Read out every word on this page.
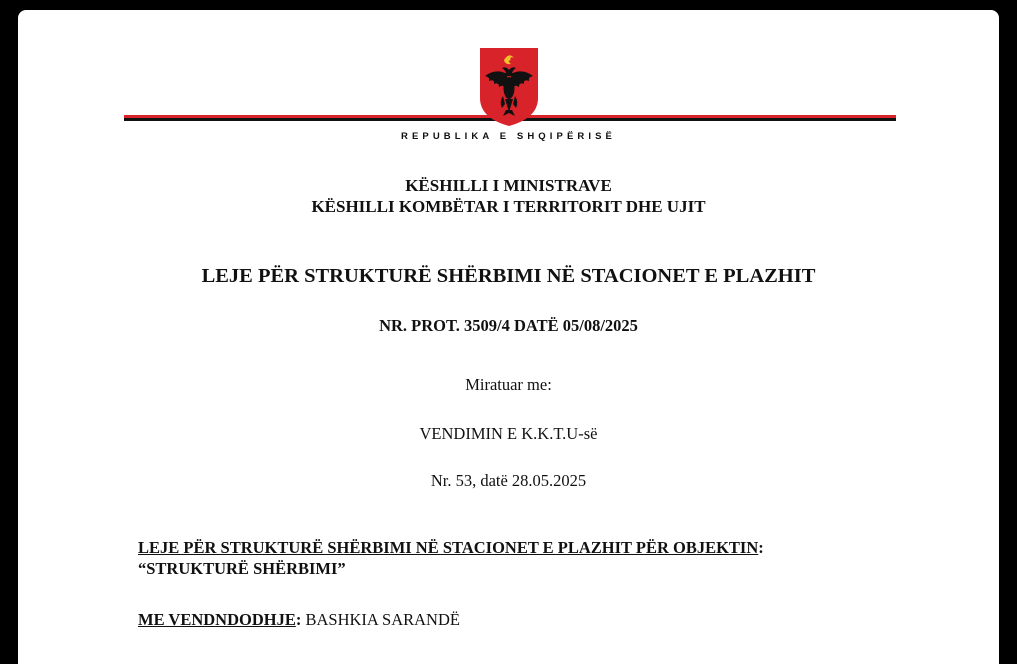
REPUBLIKA E SHQIPËRISË
KËSHILLI I MINISTRAVE
KËSHILLI KOMBËTAR I TERRITORIT DHE UJIT
LEJE PËR STRUKTURË SHËRBIMI NË STACIONET E PLAZHIT
NR. PROT. 3509/4 DATË 05/08/2025
Miratuar me:
VENDIMIN E K.K.T.U-së
Nr. 53, datë 28.05.2025
LEJE PËR STRUKTURË SHËRBIMI NË STACIONET E PLAZHIT PËR OBJEKTIN:
“STRUKTURË SHËRBIMI”
ME VENDNDODHJE: BASHKIA SARANDË
